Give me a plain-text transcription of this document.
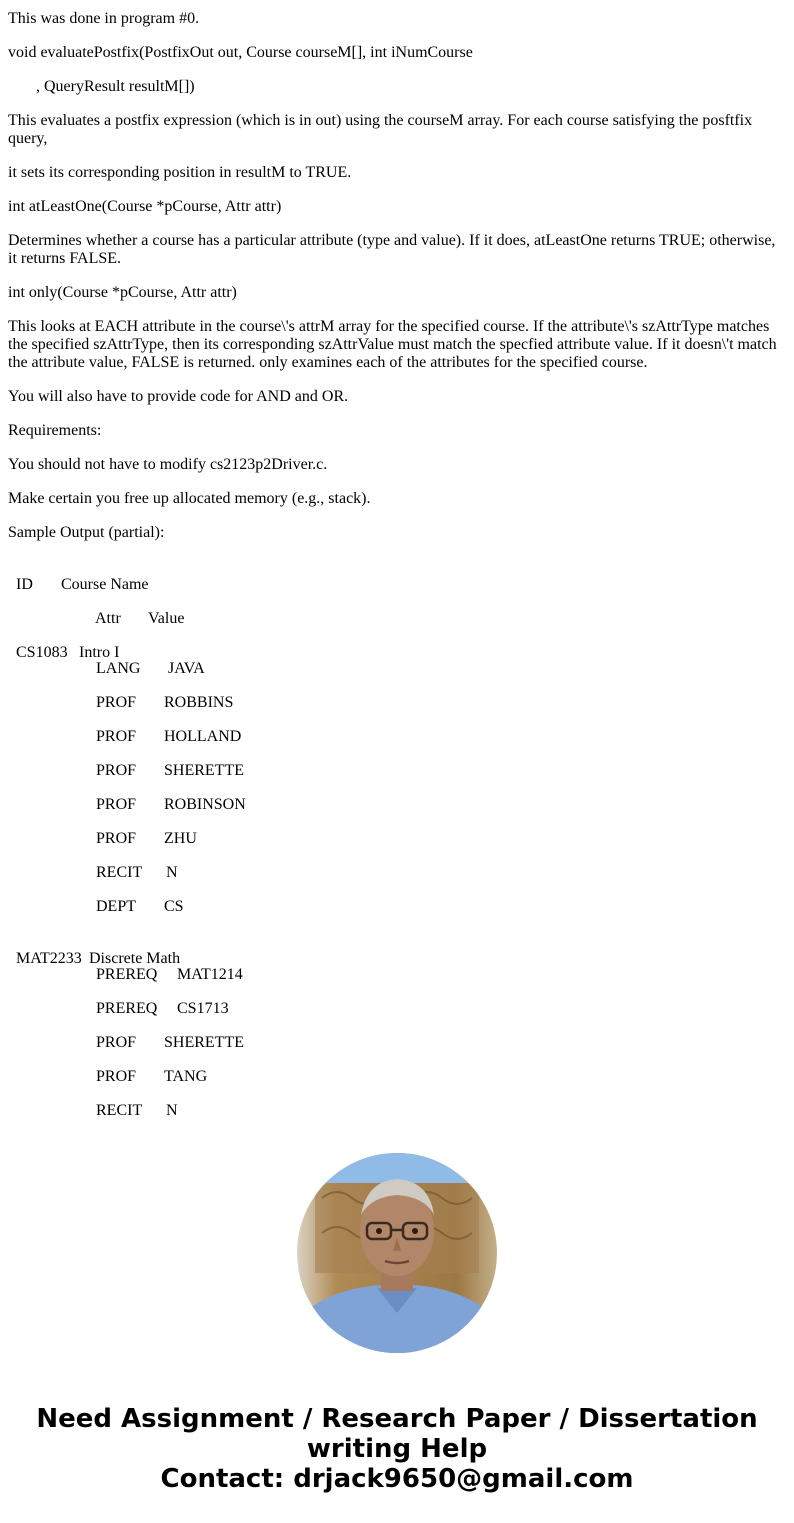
This was done in program #0.

void evaluatePostfix(PostfixOut out, Course courseM[], int iNumCourse

, QueryResult resultM[])

This evaluates a postfix expression (which is in out) using the courseM array. For each course satisfying the posftfix query,

it sets its corresponding position in resultM to TRUE.

int atLeastOne(Course *pCourse, Attr attr)

Determines whether a course has a particular attribute (type and value). If it does, atLeastOne returns TRUE; otherwise, it returns FALSE.

int only(Course *pCourse, Attr attr)

This looks at EACH attribute in the course\'s attrM array for the specified course. If the attribute\'s szAttrType matches the specified szAttrType, then its corresponding szAttrValue must match the specfied attribute value. If it doesn\'t match the attribute value, FALSE is returned. only examines each of the attributes for the specified course.

You will also have to provide code for AND and OR.

Requirements:

You should not have to modify cs2123p2Driver.c.

Make certain you free up allocated memory (e.g., stack).

Sample Output (partial):

ID Course Name

Attr Value

CS1083 Intro I

LANG JAVA
PROF ROBBINS
PROF HOLLAND
PROF SHERETTE
PROF ROBINSON
PROF ZHU
RECIT N
DEPT CS

MAT2233 Discrete Math

PREREQ MAT1214
PREREQ CS1713
PROF SHERETTE
PROF TANG
RECIT N
Need Assignment / Research Paper / Dissertation
writing Help
Contact: drjack9650@gmail.com
